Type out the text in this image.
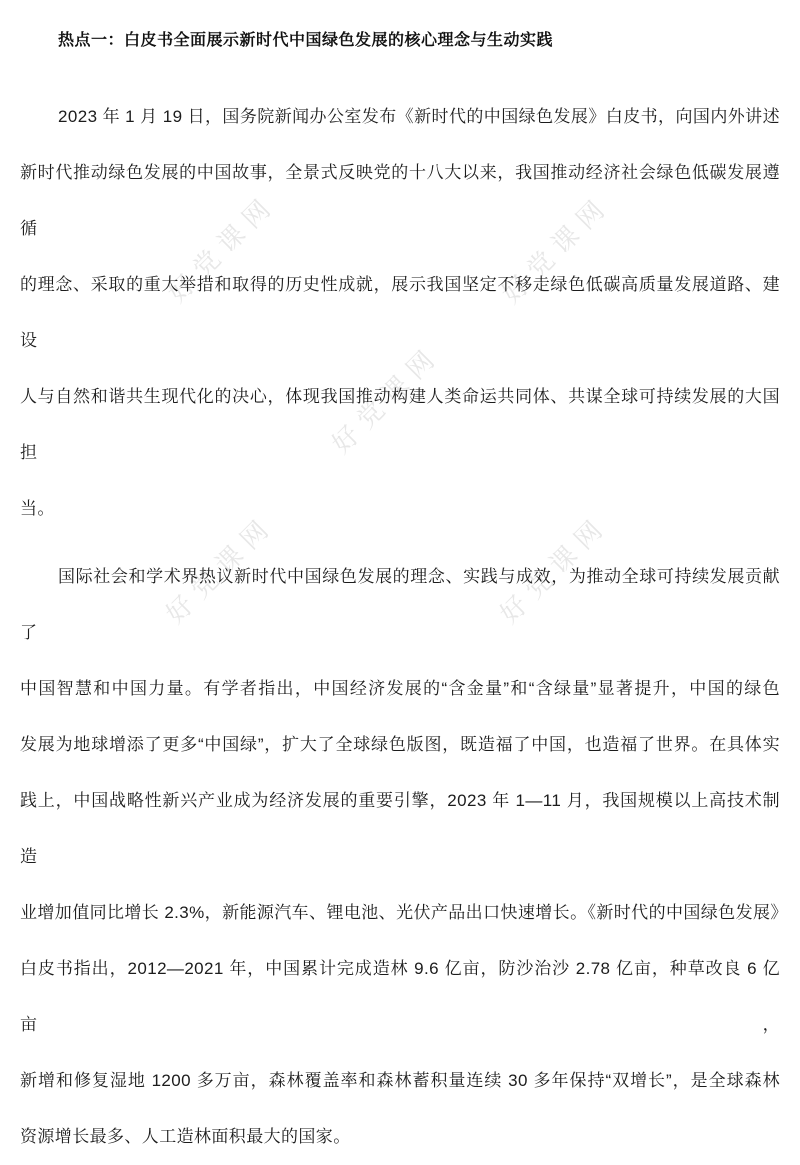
好党课网	好党课网
好党课网
好党课网	好党课网
热点一：白皮书全面展示新时代中国绿色发展的核心理念与生动实践
2023 年 1 月 19 日，国务院新闻办公室发布《新时代的中国绿色发展》白皮书，向国内外讲述
新时代推动绿色发展的中国故事，全景式反映党的十八大以来，我国推动经济社会绿色低碳发展遵循
的理念、采取的重大举措和取得的历史性成就，展示我国坚定不移走绿色低碳高质量发展道路、建设
人与自然和谐共生现代化的决心，体现我国推动构建人类命运共同体、共谋全球可持续发展的大国担
当。
国际社会和学术界热议新时代中国绿色发展的理念、实践与成效，为推动全球可持续发展贡献了
中国智慧和中国力量。有学者指出，中国经济发展的“含金量”和“含绿量”显著提升，中国的绿色
发展为地球增添了更多“中国绿”，扩大了全球绿色版图，既造福了中国，也造福了世界。在具体实
践上，中国战略性新兴产业成为经济发展的重要引擎，2023 年 1—11 月，我国规模以上高技术制造
业增加值同比增长 2.3%，新能源汽车、锂电池、光伏产品出口快速增长。《新时代的中国绿色发展》
白皮书指出，2012—2021 年，中国累计完成造林 9.6 亿亩，防沙治沙 2.78 亿亩，种草改良 6 亿亩，
新增和修复湿地 1200 多万亩，森林覆盖率和森林蓄积量连续 30 多年保持“双增长”，是全球森林
资源增长最多、人工造林面积最大的国家。
